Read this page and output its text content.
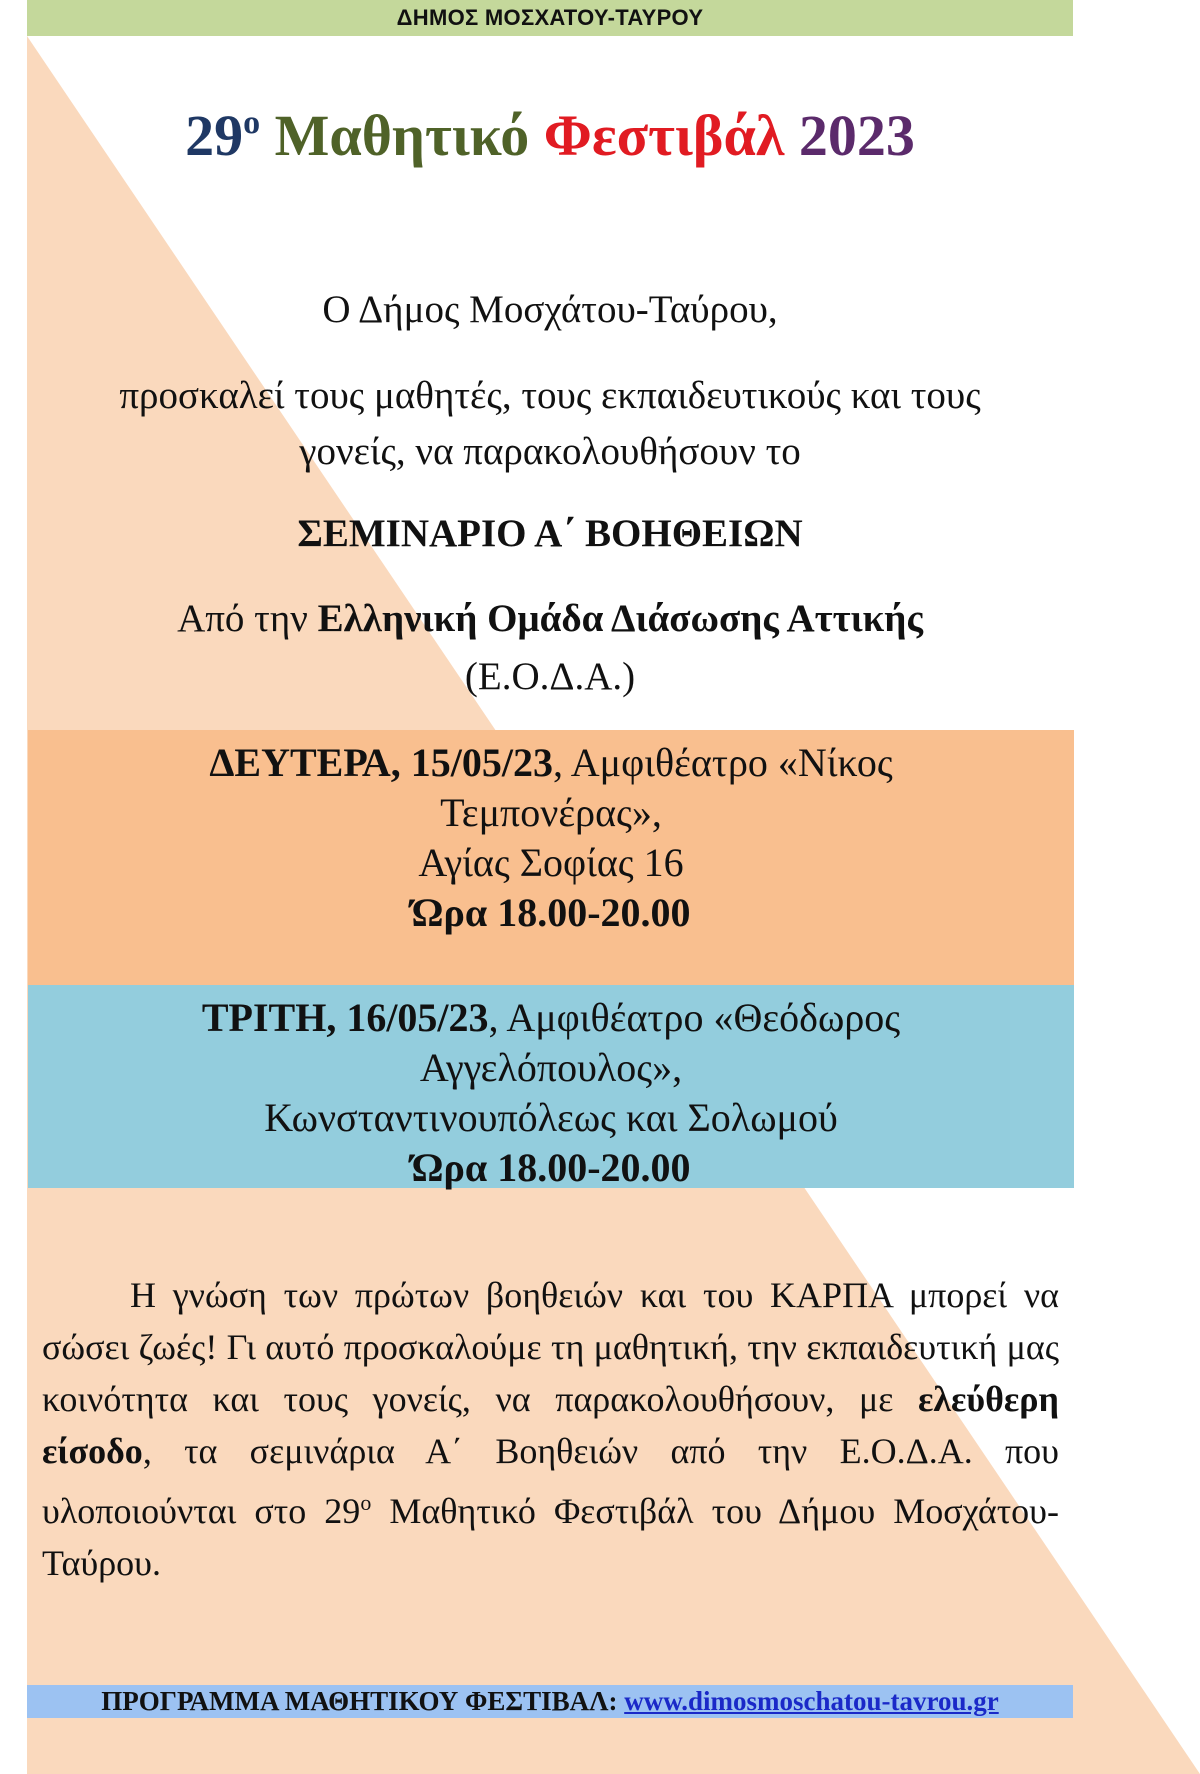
ΔΗΜΟΣ ΜΟΣΧΑΤΟΥ-ΤΑΥΡΟΥ
$29^o$ Μαθητικό Φεστιβάλ 2023
Ο Δήμος Μοσχάτου-Ταύρου,
προσκαλεί τους μαθητές, τους εκπαιδευτικούς και τους γονείς, να παρακολουθήσουν το
ΣΕΜΙΝΑΡΙΟ Α΄ ΒΟΗΘΕΙΩΝ
Από την Ελληνική Ομάδα Διάσωσης Αττικής
(Ε.Ο.Δ.Α.)
ΔΕΥΤΕΡΑ, 15/05/23, Αμφιθέατρο «Νίκος Τεμπονέρας»,
Αγίας Σοφίας 16
Ώρα 18.00-20.00
ΤΡΙΤΗ, 16/05/23, Αμφιθέατρο «Θεόδωρος Αγγελόπουλος»,
Κωνσταντινουπόλεως και Σολωμού
Ώρα 18.00-20.00
Η γνώση των πρώτων βοηθειών και του ΚΑΡΠΑ μπορεί να σώσει ζωές! Γι αυτό προσκαλούμε τη μαθητική, την εκπαιδευτική μας κοινότητα και τους γονείς, να παρακολουθήσουν, με ελεύθερη είσοδο, τα σεμινάρια Α΄ Βοηθειών από την Ε.Ο.Δ.Α. που υλοποιούνται στο $29^o$ Μαθητικό Φεστιβάλ του Δήμου Μοσχάτου-Ταύρου.
ΠΡΟΓΡΑΜΜΑ ΜΑΘΗΤΙΚΟΥ ΦΕΣΤΙΒΑΛ: www.dimosmoschatou-tavrou.gr
